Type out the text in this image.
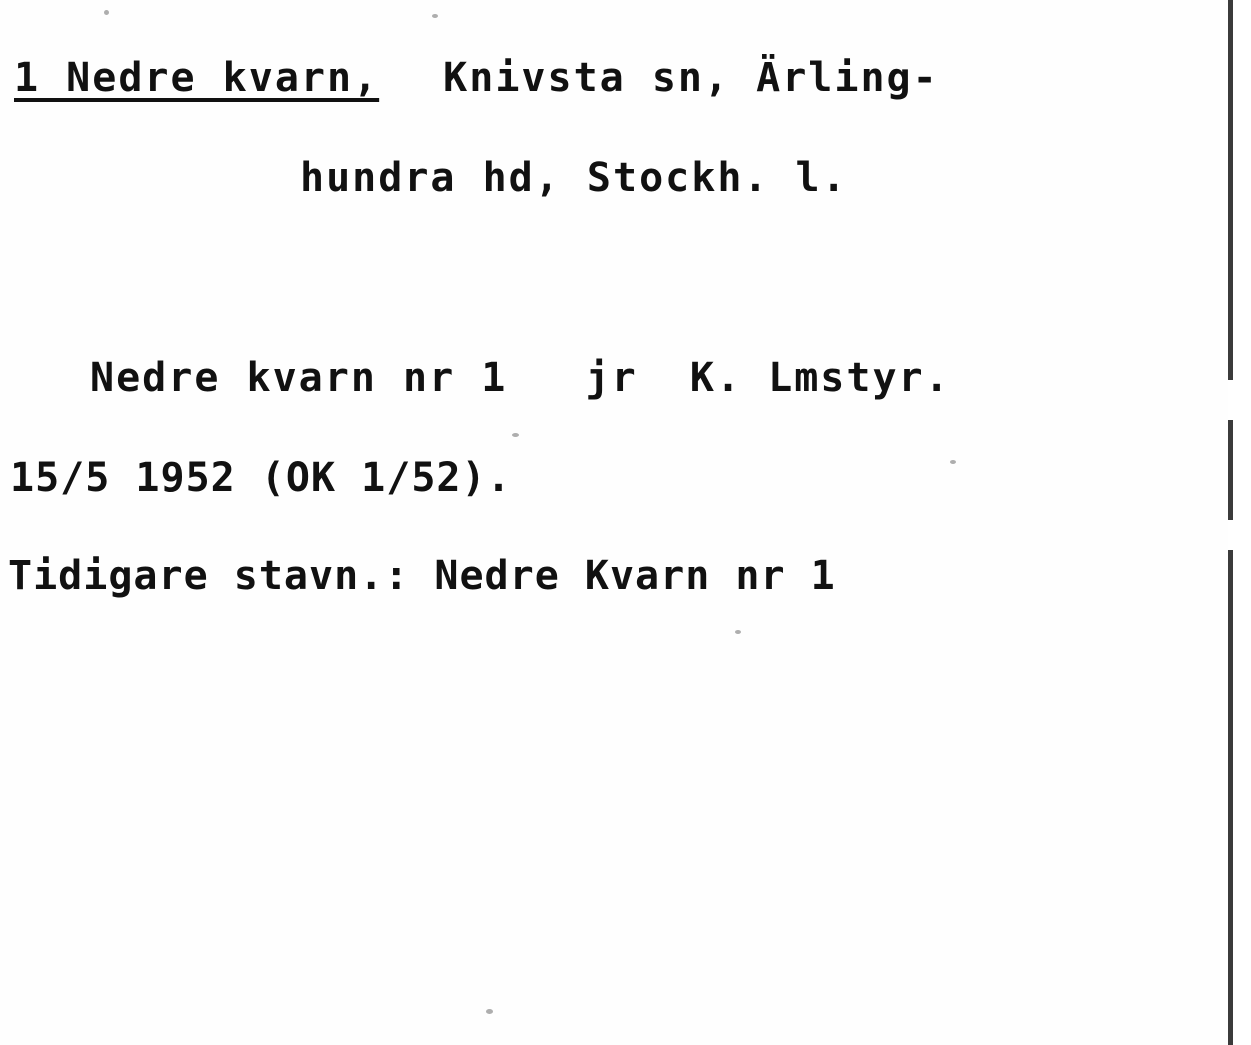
1 Nedre kvarn, Knivsta sn, Ärling-
hundra hd, Stockh. l.
Nedre kvarn nr 1   jr  K. Lmstyr.
15/5 1952 (OK 1/52).
Tidigare stavn.: Nedre Kvarn nr 1
